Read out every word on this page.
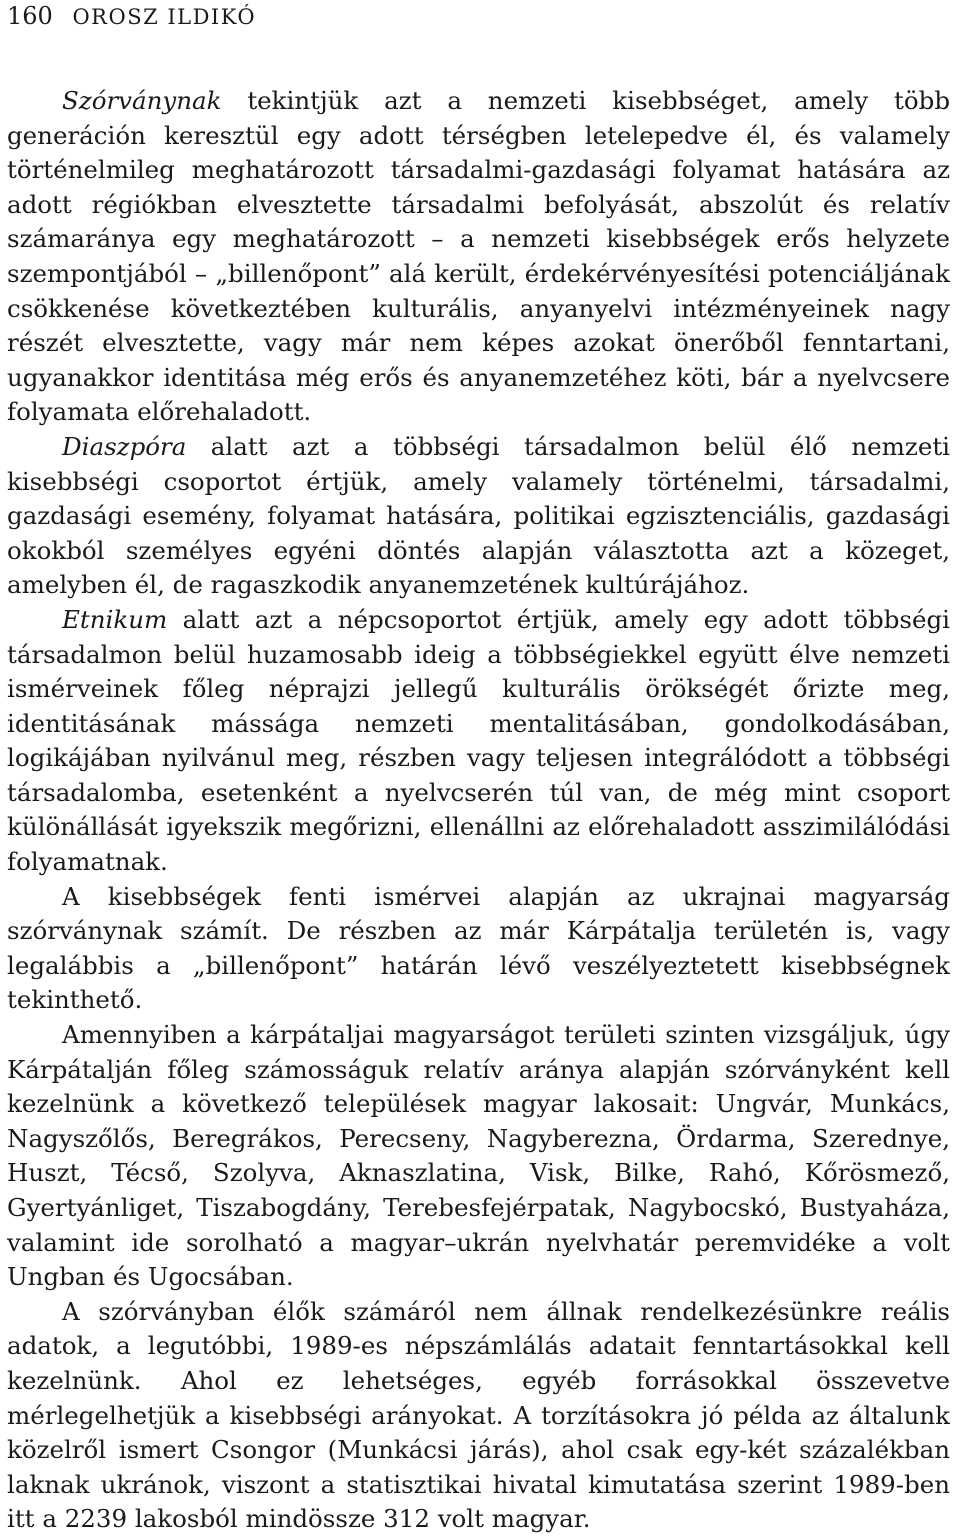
160 OROSZ ILDIKÓ

Szórványnak tekintjük azt a nemzeti kisebbséget, amely több generáción keresztül egy adott térségben letelepedve él, és valamely történelmileg meghatározott társadalmi-gazdasági folyamat hatására az adott régiókban elvesztette társadalmi befolyását, abszolút és relatív számaránya egy meghatározott – a nemzeti kisebbségek erős helyzete szempontjából – „billenőpont” alá került, érdekérvényesítési potenciáljának csökkenése következtében kulturális, anyanyelvi intézményeinek nagy részét elvesztette, vagy már nem képes azokat önerőből fenntartani, ugyanakkor identitása még erős és anyanemzetéhez köti, bár a nyelvcsere folyamata előrehaladott.

Diaszpóra alatt azt a többségi társadalmon belül élő nemzeti kisebbségi csoportot értjük, amely valamely történelmi, társadalmi, gazdasági esemény, folyamat hatására, politikai egzisztenciális, gazdasági okokból személyes egyéni döntés alapján választotta azt a közeget, amelyben él, de ragaszkodik anyanemzetének kultúrájához.

Etnikum alatt azt a népcsoportot értjük, amely egy adott többségi társadalmon belül huzamosabb ideig a többségiekkel együtt élve nemzeti ismérveinek főleg néprajzi jellegű kulturális örökségét őrizte meg, identitásának mássága nemzeti mentalitásában, gondolkodásában, logikájában nyilvánul meg, részben vagy teljesen integrálódott a többségi társadalomba, esetenként a nyelvcserén túl van, de még mint csoport különállását igyekszik megőrizni, ellenállni az előrehaladott asszimilálódási folyamatnak.

A kisebbségek fenti ismérvei alapján az ukrajnai magyarság szórványnak számít. De részben az már Kárpátalja területén is, vagy legalábbis a „billenőpont” határán lévő veszélyeztetett kisebbségnek tekinthető.

Amennyiben a kárpátaljai magyarságot területi szinten vizsgáljuk, úgy Kárpátalján főleg számosságuk relatív aránya alapján szórványként kell kezelnünk a következő települések magyar lakosait: Ungvár, Munkács, Nagyszőlős, Beregrákos, Perecseny, Nagyberezna, Ördarma, Szerednye, Huszt, Técső, Szolyva, Aknaszlatina, Visk, Bilke, Rahó, Kőrösmező, Gyertyánliget, Tiszabogdány, Terebesfejérpatak, Nagybocskó, Bustyaháza, valamint ide sorolható a magyar–ukrán nyelvhatár peremvidéke a volt Ungban és Ugocsában.

A szórványban élők számáról nem állnak rendelkezésünkre reális adatok, a legutóbbi, 1989-es népszámlálás adatait fenntartásokkal kell kezelnünk. Ahol ez lehetséges, egyéb forrásokkal összevetve mérlegelhetjük a kisebbségi arányokat. A torzításokra jó példa az általunk közelről ismert Csongor (Munkácsi járás), ahol csak egy-két százalékban laknak ukránok, viszont a statisztikai hivatal kimutatása szerint 1989-ben itt a 2239 lakosból mindössze 312 volt magyar.
